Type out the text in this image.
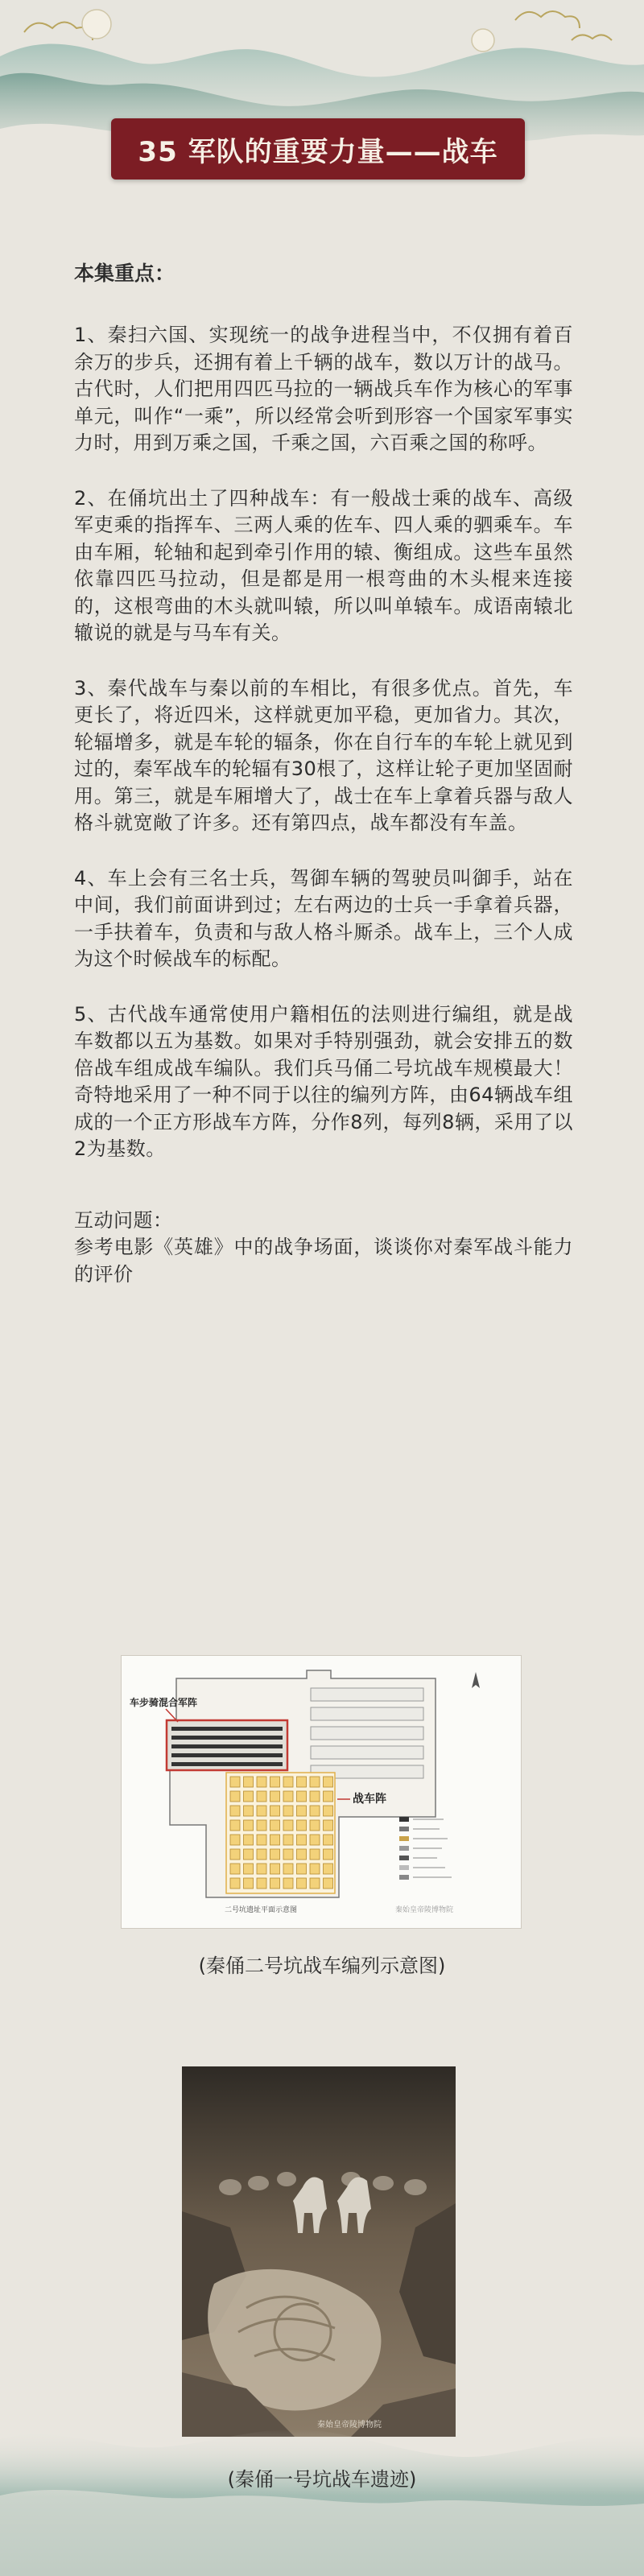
35 军队的重要力量——战车
本集重点：

1、秦扫六国、实现统一的战争进程当中，不仅拥有着百余万的步兵，还拥有着上千辆的战车，数以万计的战马。古代时，人们把用四匹马拉的一辆战兵车作为核心的军事单元，叫作“一乘”，所以经常会听到形容一个国家军事实力时，用到万乘之国，千乘之国，六百乘之国的称呼。

2、在俑坑出土了四种战车：有一般战士乘的战车、高级军吏乘的指挥车、三两人乘的佐车、四人乘的驷乘车。车由车厢，轮轴和起到牵引作用的辕、衡组成。这些车虽然依靠四匹马拉动，但是都是用一根弯曲的木头棍来连接的，这根弯曲的木头就叫辕，所以叫单辕车。成语南辕北辙说的就是与马车有关。

3、秦代战车与秦以前的车相比，有很多优点。首先，车更长了，将近四米，这样就更加平稳，更加省力。其次，轮辐增多，就是车轮的辐条，你在自行车的车轮上就见到过的，秦军战车的轮辐有30根了，这样让轮子更加坚固耐用。第三，就是车厢增大了，战士在车上拿着兵器与敌人格斗就宽敞了许多。还有第四点，战车都没有车盖。

4、车上会有三名士兵，驾御车辆的驾驶员叫御手，站在中间，我们前面讲到过；左右两边的士兵一手拿着兵器，一手扶着车，负责和与敌人格斗厮杀。战车上，三个人成为这个时候战车的标配。

5、古代战车通常使用户籍相伍的法则进行编组，就是战车数都以五为基数。如果对手特别强劲，就会安排五的数倍战车组成战车编队。我们兵马俑二号坑战车规模最大！奇特地采用了一种不同于以往的编列方阵，由64辆战车组成的一个正方形战车方阵，分作8列，每列8辆，采用了以2为基数。

互动问题：

参考电影《英雄》中的战争场面，谈谈你对秦军战斗能力的评价

车步骑混合军阵
战车阵
二号坑遗址平面示意图	秦始皇帝陵博物院
(秦俑二号坑战车编列示意图)
秦始皇帝陵博物院
(秦俑一号坑战车遗迹)
